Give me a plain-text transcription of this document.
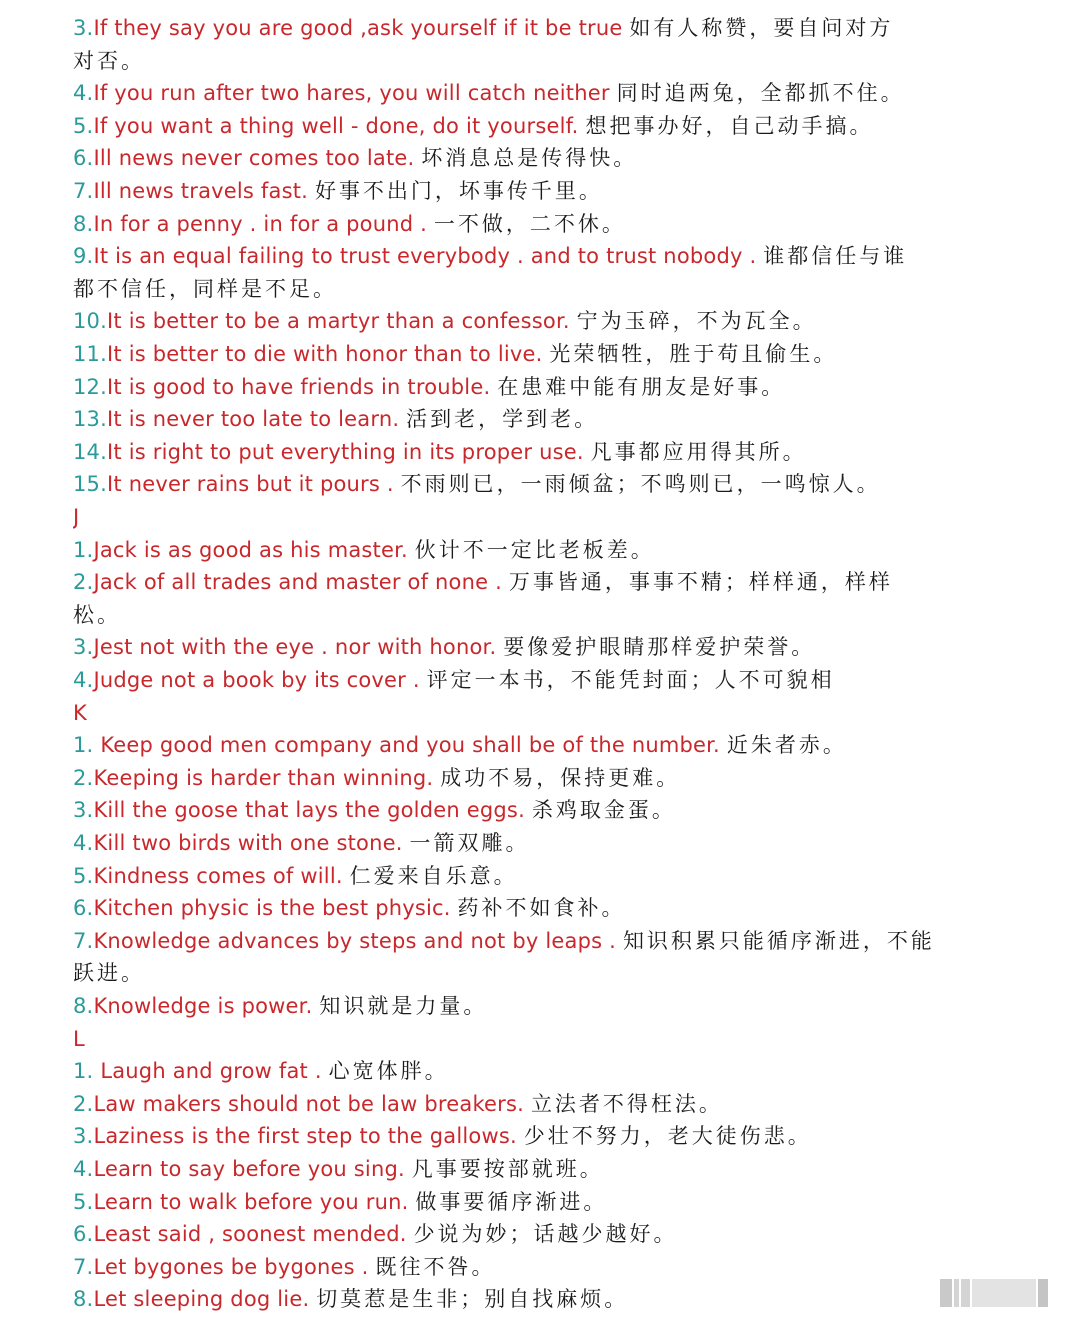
3.If they say you are good ,ask yourself if it be true 如有人称赞，要自问对方
对否。
4.If you run after two hares, you will catch neither 同时追两兔，全都抓不住。
5.If you want a thing well - done, do it yourself. 想把事办好，自己动手搞。
6.Ill news never comes too late. 坏消息总是传得快。
7.Ill news travels fast. 好事不出门，坏事传千里。
8.In for a penny . in for a pound . 一不做，二不休。
9.It is an equal failing to trust everybody . and to trust nobody . 谁都信任与谁
都不信任，同样是不足。
10.It is better to be a martyr than a confessor. 宁为玉碎，不为瓦全。
11.It is better to die with honor than to live. 光荣牺牲，胜于苟且偷生。
12.It is good to have friends in trouble. 在患难中能有朋友是好事。
13.It is never too late to learn. 活到老，学到老。
14.It is right to put everything in its proper use. 凡事都应用得其所。
15.It never rains but it pours . 不雨则已，一雨倾盆；不鸣则已，一鸣惊人。
J
1.Jack is as good as his master. 伙计不一定比老板差。
2.Jack of all trades and master of none . 万事皆通，事事不精；样样通，样样
松。
3.Jest not with the eye . nor with honor. 要像爱护眼睛那样爱护荣誉。
4.Judge not a book by its cover . 评定一本书，不能凭封面；人不可貌相
K
1. Keep good men company and you shall be of the number. 近朱者赤。
2.Keeping is harder than winning. 成功不易，保持更难。
3.Kill the goose that lays the golden eggs. 杀鸡取金蛋。
4.Kill two birds with one stone. 一箭双雕。
5.Kindness comes of will. 仁爱来自乐意。
6.Kitchen physic is the best physic. 药补不如食补。
7.Knowledge advances by steps and not by leaps . 知识积累只能循序渐进，不能
跃进。
8.Knowledge is power. 知识就是力量。
L
1. Laugh and grow fat . 心宽体胖。
2.Law makers should not be law breakers. 立法者不得枉法。
3.Laziness is the first step to the gallows. 少壮不努力，老大徒伤悲。
4.Learn to say before you sing. 凡事要按部就班。
5.Learn to walk before you run. 做事要循序渐进。
6.Least said , soonest mended. 少说为妙；话越少越好。
7.Let bygones be bygones . 既往不咎。
8.Let sleeping dog lie. 切莫惹是生非；别自找麻烦。
